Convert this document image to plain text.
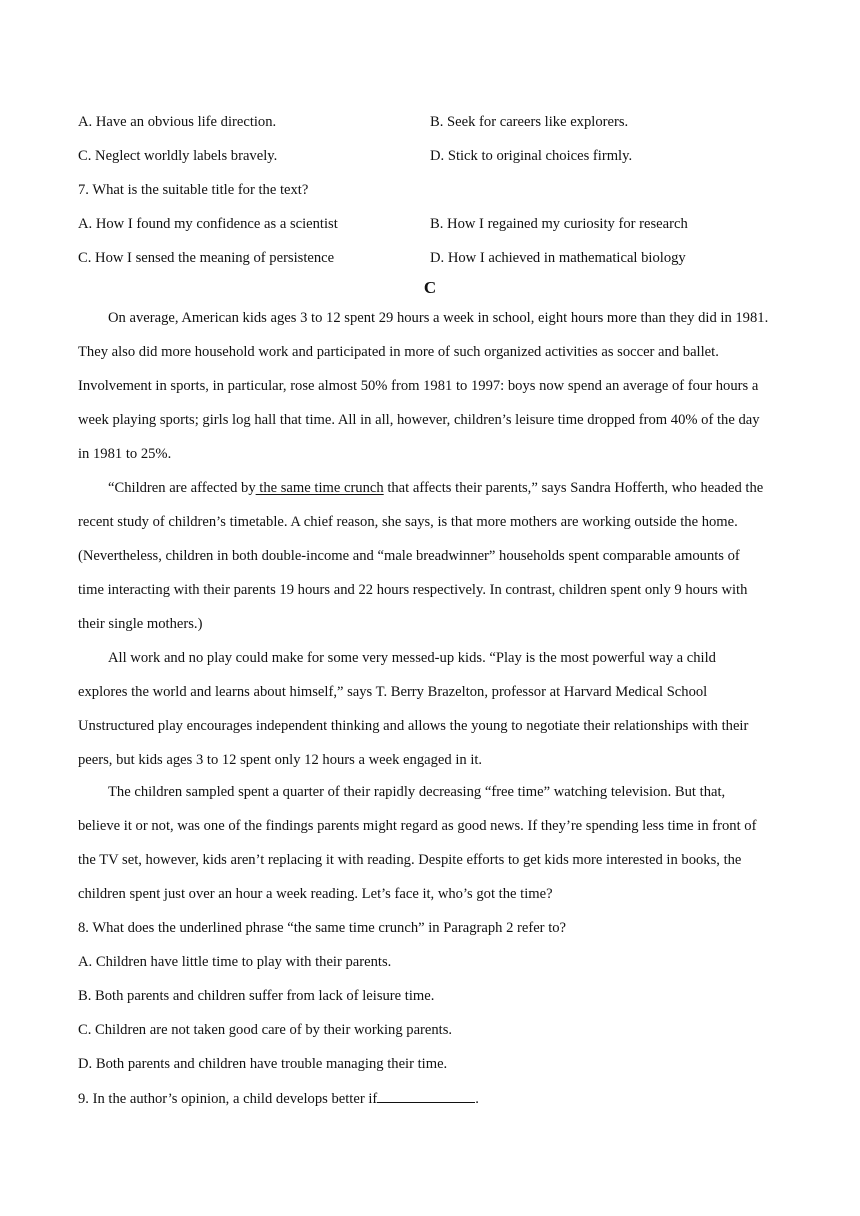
A. Have an obvious life direction.	B. Seek for careers like explorers.
C. Neglect worldly labels bravely.	D. Stick to original choices firmly.
7. What is the suitable title for the text?
A. How I found my confidence as a scientist	B. How I regained my curiosity for research
C. How I sensed the meaning of persistence	D. How I achieved in mathematical biology
C
On average, American kids ages 3 to 12 spent 29 hours a week in school, eight hours more than they did in 1981.
They also did more household work and participated in more of such organized activities as soccer and ballet.
Involvement in sports, in particular, rose almost 50% from 1981 to 1997: boys now spend an average of four hours a
week playing sports; girls log hall that time. All in all, however, children’s leisure time dropped from 40% of the day
in 1981 to 25%.
“Children are affected by the same time crunch that affects their parents,” says Sandra Hofferth, who headed the
recent study of children’s timetable. A chief reason, she says, is that more mothers are working outside the home.
(Nevertheless, children in both double-income and “male breadwinner” households spent comparable amounts of
time interacting with their parents 19 hours and 22 hours respectively. In contrast, children spent only 9 hours with
their single mothers.)
All work and no play could make for some very messed-up kids. “Play is the most powerful way a child
explores the world and learns about himself,” says T. Berry Brazelton, professor at Harvard Medical School
Unstructured play encourages independent thinking and allows the young to negotiate their relationships with their
peers, but kids ages 3 to 12 spent only 12 hours a week engaged in it.
The children sampled spent a quarter of their rapidly decreasing “free time” watching television. But that,
believe it or not, was one of the findings parents might regard as good news. If they’re spending less time in front of
the TV set, however, kids aren’t replacing it with reading. Despite efforts to get kids more interested in books, the
children spent just over an hour a week reading. Let’s face it, who’s got the time?
8. What does the underlined phrase “the same time crunch” in Paragraph 2 refer to?
A. Children have little time to play with their parents.
B. Both parents and children suffer from lack of leisure time.
C. Children are not taken good care of by their working parents.
D. Both parents and children have trouble managing their time.
9. In the author’s opinion, a child develops better if	.
